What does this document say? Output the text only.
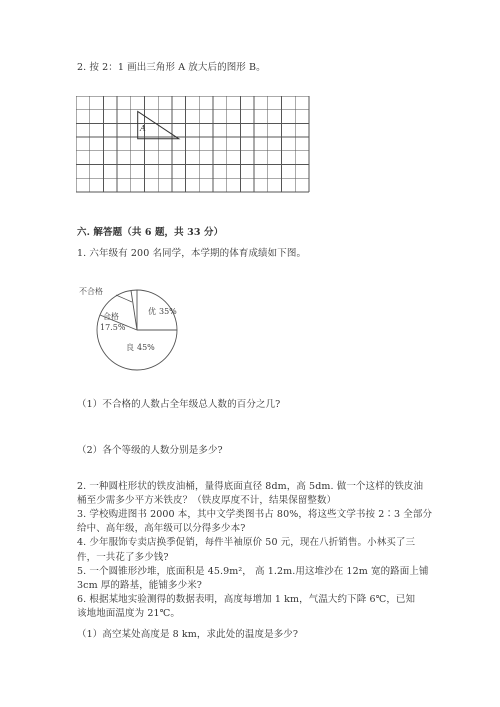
2. 按 2：1 画出三角形 A 放大后的图形 B。
A
六. 解答题（共 6 题，共 33 分）
1. 六年级有 200 名同学，本学期的体育成绩如下图。
不合格
合格
17.5%
优 35%
良 45%
（1）不合格的人数占全年级总人数的百分之几?
（2）各个等级的人数分别是多少?
2. 一种圆柱形状的铁皮油桶，量得底面直径 8dm，高 5dm. 做一个这样的铁皮油
桶至少需多少平方米铁皮？（铁皮厚度不计，结果保留整数）
3. 学校购进图书 2000 本，其中文学类图书占 80%，将这些文学书按 2∶3 全部分
给中、高年级，高年级可以分得多少本?
4. 少年服饰专卖店换季促销，每件半袖原价 50 元，现在八折销售。小林买了三
件，一共花了多少钱?
5. 一个圆锥形沙堆，底面积是 45.9m²， 高 1.2m.用这堆沙在 12m 宽的路面上铺
3cm 厚的路基，能铺多少米?
6. 根据某地实验测得的数据表明，高度每增加 1 km，气温大约下降 6℃，已知
该地地面温度为 21℃。
（1）高空某处高度是 8 km，求此处的温度是多少?
